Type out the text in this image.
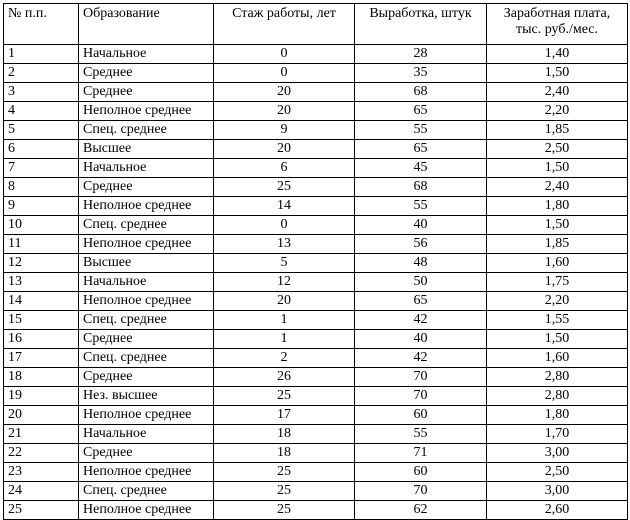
№ п.п.	Образование	Стаж работы, лет	Выработка, штук	Заработная плата, тыс. руб./мес.
1	Начальное	0	28	1,40
2	Среднее	0	35	1,50
3	Среднее	20	68	2,40
4	Неполное среднее	20	65	2,20
5	Спец. среднее	9	55	1,85
6	Высшее	20	65	2,50
7	Начальное	6	45	1,50
8	Среднее	25	68	2,40
9	Неполное среднее	14	55	1,80
10	Спец. среднее	0	40	1,50
11	Неполное среднее	13	56	1,85
12	Высшее	5	48	1,60
13	Начальное	12	50	1,75
14	Неполное среднее	20	65	2,20
15	Спец. среднее	1	42	1,55
16	Среднее	1	40	1,50
17	Спец. среднее	2	42	1,60
18	Среднее	26	70	2,80
19	Нез. высшее	25	70	2,80
20	Неполное среднее	17	60	1,80
21	Начальное	18	55	1,70
22	Среднее	18	71	3,00
23	Неполное среднее	25	60	2,50
24	Спец. среднее	25	70	3,00
25	Неполное среднее	25	62	2,60
